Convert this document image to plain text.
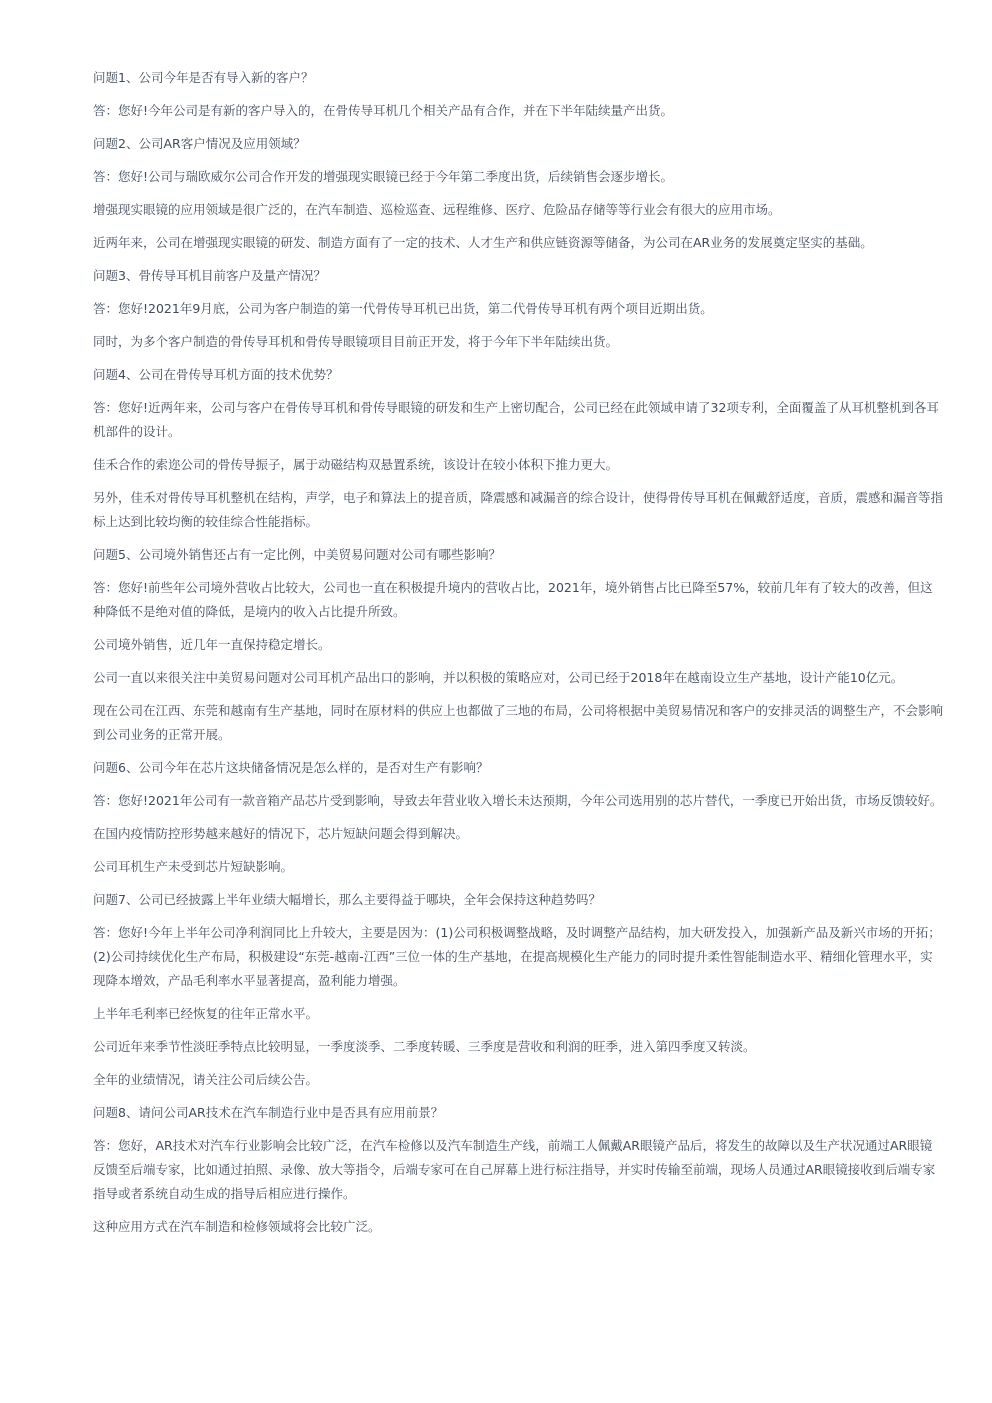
问题1、公司今年是否有导入新的客户？

答：您好!今年公司是有新的客户导入的，在骨传导耳机几个相关产品有合作，并在下半年陆续量产出货。

问题2、公司AR客户情况及应用领域？

答：您好!公司与瑞欧威尔公司合作开发的增强现实眼镜已经于今年第二季度出货，后续销售会逐步增长。

增强现实眼镜的应用领域是很广泛的，在汽车制造、巡检巡查、远程维修、医疗、危险品存储等等行业会有很大的应用市场。

近两年来，公司在增强现实眼镜的研发、制造方面有了一定的技术、人才生产和供应链资源等储备，为公司在AR业务的发展奠定坚实的基础。

问题3、骨传导耳机目前客户及量产情况？

答：您好!2021年9月底，公司为客户制造的第一代骨传导耳机已出货，第二代骨传导耳机有两个项目近期出货。

同时，为多个客户制造的骨传导耳机和骨传导眼镜项目目前正开发，将于今年下半年陆续出货。

问题4、公司在骨传导耳机方面的技术优势？

答：您好!近两年来，公司与客户在骨传导耳机和骨传导眼镜的研发和生产上密切配合，公司已经在此领域申请了32项专利，全面覆盖了从耳机整机到各耳机部件的设计。

佳禾合作的索迩公司的骨传导振子，属于动磁结构双悬置系统，该设计在较小体积下推力更大。

另外，佳禾对骨传导耳机整机在结构，声学，电子和算法上的提音质，降震感和减漏音的综合设计，使得骨传导耳机在佩戴舒适度，音质，震感和漏音等指标上达到比较均衡的较佳综合性能指标。

问题5、公司境外销售还占有一定比例，中美贸易问题对公司有哪些影响？

答：您好!前些年公司境外营收占比较大，公司也一直在积极提升境内的营收占比，2021年，境外销售占比已降至57%，较前几年有了较大的改善，但这种降低不是绝对值的降低，是境内的收入占比提升所致。

公司境外销售，近几年一直保持稳定增长。

公司一直以来很关注中美贸易问题对公司耳机产品出口的影响，并以积极的策略应对，公司已经于2018年在越南设立生产基地，设计产能10亿元。

现在公司在江西、东莞和越南有生产基地，同时在原材料的供应上也都做了三地的布局，公司将根据中美贸易情况和客户的安排灵活的调整生产，不会影响到公司业务的正常开展。

问题6、公司今年在芯片这块储备情况是怎么样的，是否对生产有影响？

答：您好!2021年公司有一款音箱产品芯片受到影响，导致去年营业收入增长未达预期，今年公司选用别的芯片替代，一季度已开始出货，市场反馈较好。

在国内疫情防控形势越来越好的情况下，芯片短缺问题会得到解决。

公司耳机生产未受到芯片短缺影响。

问题7、公司已经披露上半年业绩大幅增长，那么主要得益于哪块，全年会保持这种趋势吗？

答：您好!今年上半年公司净利润同比上升较大，主要是因为：(1)公司积极调整战略，及时调整产品结构，加大研发投入，加强新产品及新兴市场的开拓；(2)公司持续优化生产布局，积极建设“东莞-越南-江西”三位一体的生产基地，在提高规模化生产能力的同时提升柔性智能制造水平、精细化管理水平，实现降本增效，产品毛利率水平显著提高，盈利能力增强。

上半年毛利率已经恢复的往年正常水平。

公司近年来季节性淡旺季特点比较明显，一季度淡季、二季度转暖、三季度是营收和利润的旺季，进入第四季度又转淡。

全年的业绩情况，请关注公司后续公告。

问题8、请问公司AR技术在汽车制造行业中是否具有应用前景？

答：您好，AR技术对汽车行业影响会比较广泛，在汽车检修以及汽车制造生产线，前端工人佩戴AR眼镜产品后，将发生的故障以及生产状况通过AR眼镜反馈至后端专家，比如通过拍照、录像、放大等指令，后端专家可在自己屏幕上进行标注指导，并实时传输至前端，现场人员通过AR眼镜接收到后端专家指导或者系统自动生成的指导后相应进行操作。

这种应用方式在汽车制造和检修领域将会比较广泛。
